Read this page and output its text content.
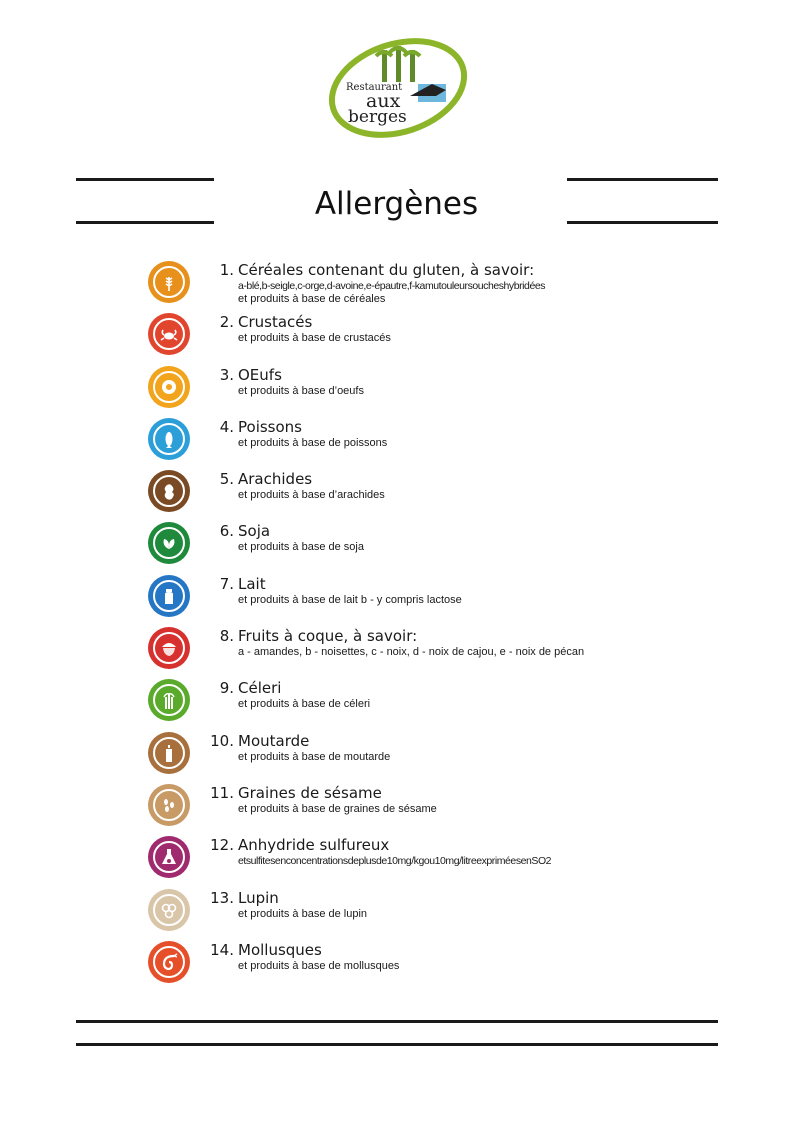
Restaurant
aux
berges
Allergènes
1. Céréales contenant du gluten, à savoir:
a-blé,b-seigle,c-orge,d-avoine,e-épautre,f-kamutouleursoucheshybridées
et produits à base de céréales
2. Crustacés
et produits à base de crustacés
3. OEufs
et produits à base d’oeufs
4. Poissons
et produits à base de poissons
5. Arachides
et produits à base d’arachides
6. Soja
et produits à base de soja
7. Lait
et produits à base de lait b - y compris lactose
8. Fruits à coque, à savoir:
a - amandes, b - noisettes, c - noix, d - noix de cajou, e - noix de pécan
9. Céleri
et produits à base de céleri
10. Moutarde
et produits à base de moutarde
11. Graines de sésame
et produits à base de graines de sésame
12. Anhydride sulfureux
etsulfitesenconcentrationsdeplusde10mg/kgou10mg/litreexpriméesenSO2
13. Lupin
et produits à base de lupin
14. Mollusques
et produits à base de mollusques
